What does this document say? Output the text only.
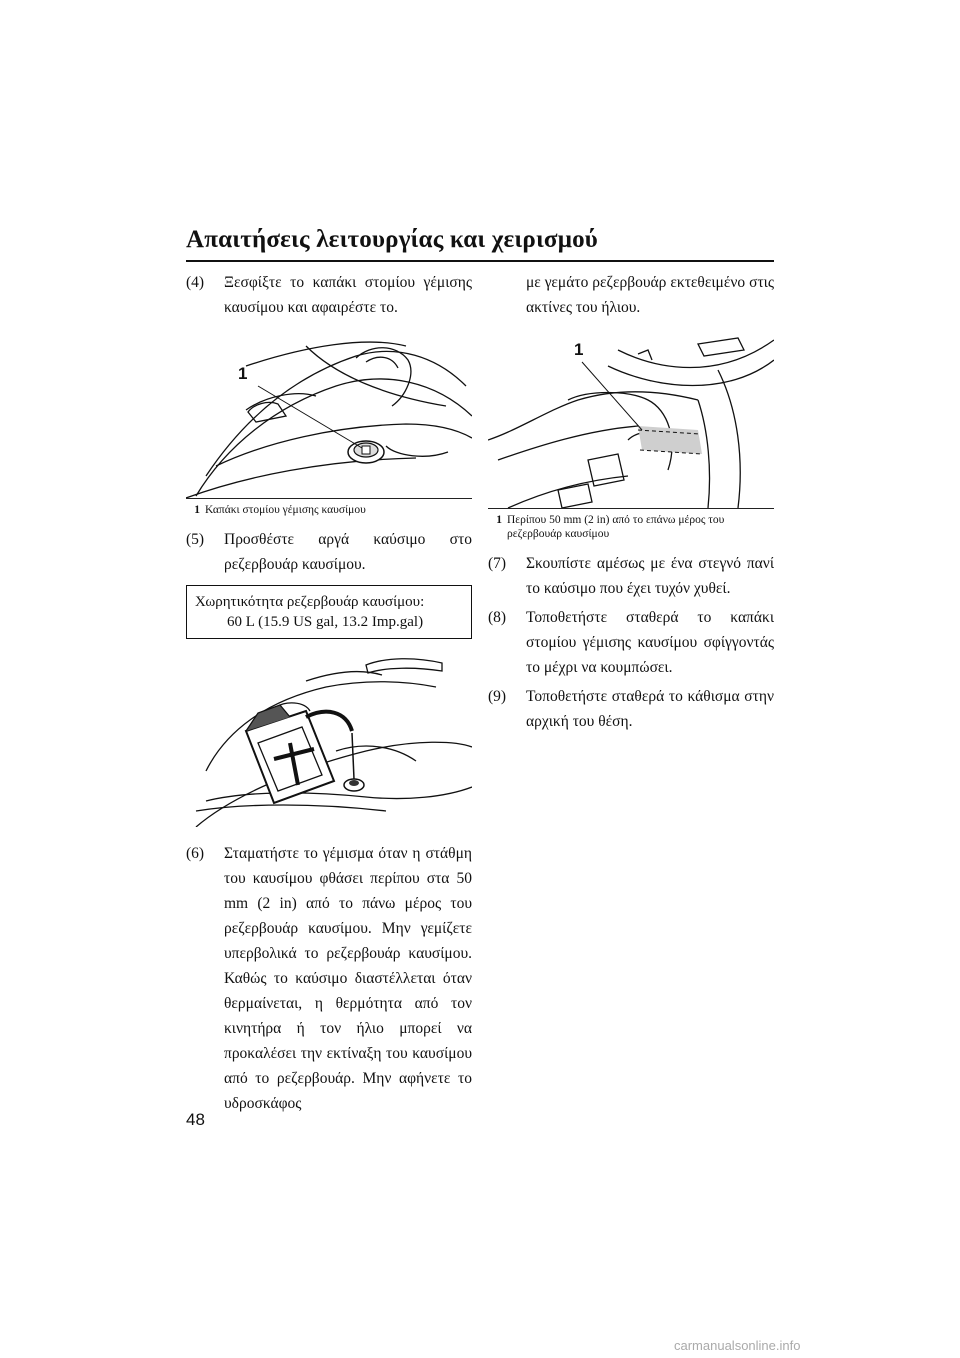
Απαιτήσεις λειτουργίας και χειρισμού
(4)	Ξεσφίξτε το καπάκι στομίου γέμισης καυσίμου και αφαιρέστε το.
1
1 Καπάκι στομίου γέμισης καυσίμου
(5)	Προσθέστε αργά καύσιμο στο ρεζερβουάρ καυσίμου.
Χωρητικότητα ρεζερβουάρ καυσίμου:
60 L (15.9 US gal, 13.2 Imp.gal)
(6)	Σταματήστε το γέμισμα όταν η στάθμη του καυσίμου φθάσει περίπου στα 50 mm (2 in) από το πάνω μέρος του ρεζερβουάρ καυσίμου. Μην γεμίζετε υπερβολικά το ρεζερβουάρ καυσίμου. Καθώς το καύσιμο διαστέλλεται όταν θερμαίνεται, η θερμότητα από τον κινητήρα ή τον ήλιο μπορεί να προκαλέσει την εκτίναξη του καυσίμου από το ρεζερβουάρ. Μην αφήνετε το υδροσκάφος
με γεμάτο ρεζερβουάρ εκτεθειμένο στις ακτίνες του ήλιου.
1
1 Περίπου 50 mm (2 in) από το επάνω μέρος του ρεζερβουάρ καυσίμου
(7)	Σκουπίστε αμέσως με ένα στεγνό πανί το καύσιμο που έχει τυχόν χυθεί.
(8)	Τοποθετήστε σταθερά το καπάκι στομίου γέμισης καυσίμου σφίγγοντάς το μέχρι να κουμπώσει.
(9)	Τοποθετήστε σταθερά το κάθισμα στην αρχική του θέση.
48
carmanualsonline.info
